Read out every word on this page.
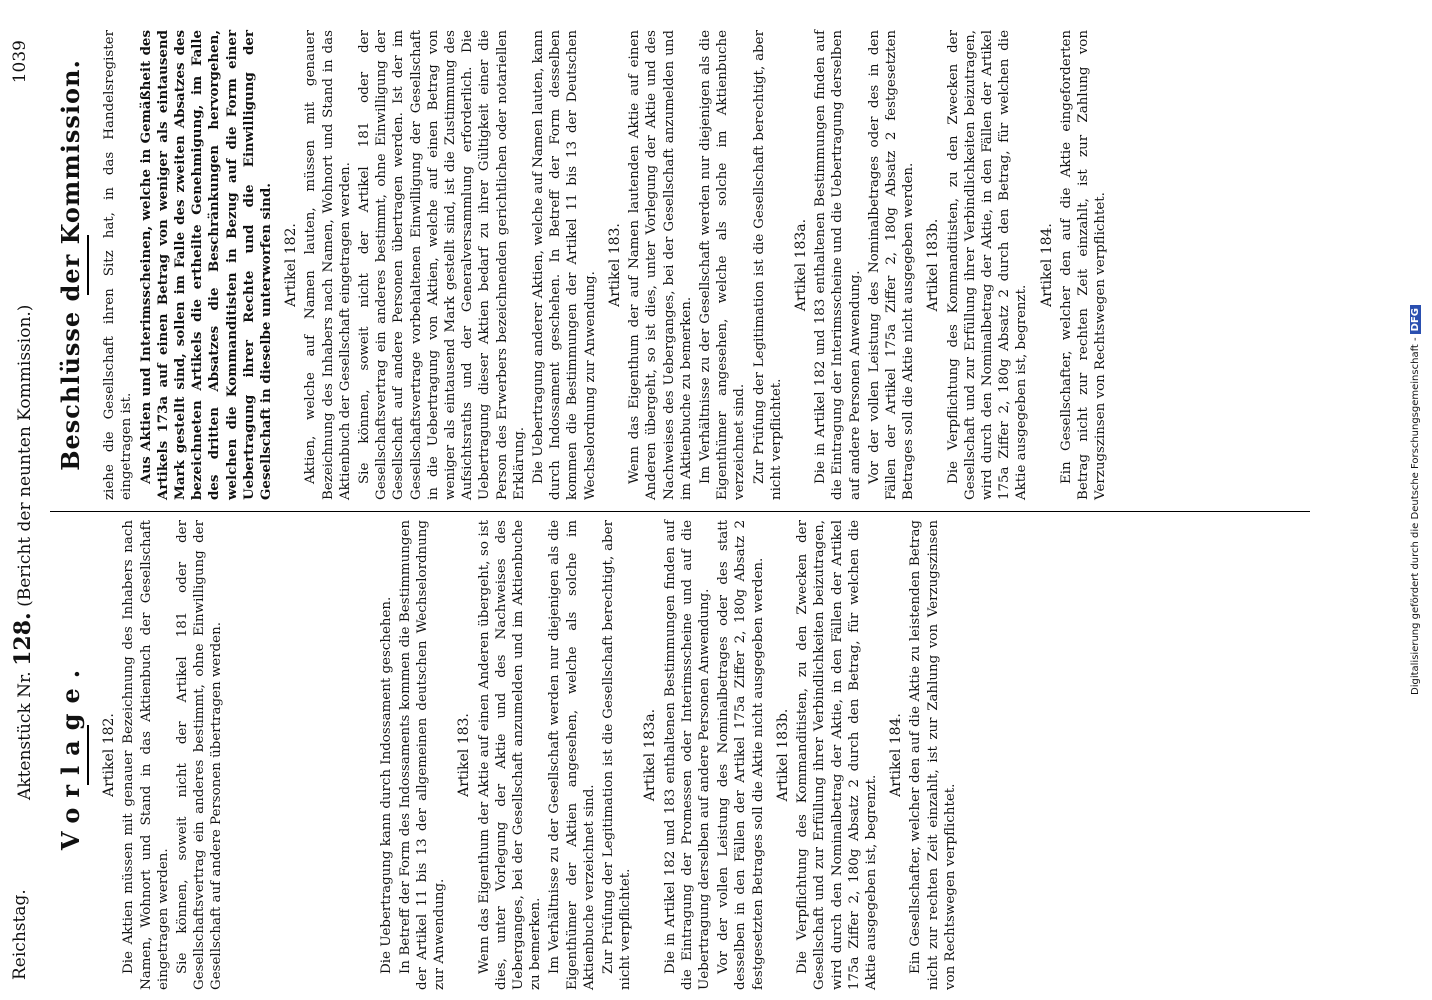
Reichstag.
Aktenstück Nr. 128. (Bericht der neunten Kommission.)
1039
Vorlage. Artikel 182. Die Aktien müssen mit genauer Bezeichnung des Inhabers nach Namen, Wohnort und Stand in das Aktienbuch der Gesellschaft eingetragen werden. Sie können, soweit nicht der Artikel 181 oder der Gesellschaftsvertrag ein anderes bestimmt, ohne Einwilligung der Gesellschaft auf andere Personen übertragen werden.	Die Uebertragung kann durch Indossament geschehen. In Betreff der Form des Indossaments kommen die Bestimmungen der Artikel 11 bis 13 der allgemeinen deutschen Wechselordnung zur Anwendung.

Artikel 183. Wenn das Eigenthum der Aktie auf einen Anderen übergeht, so ist dies, unter Vorlegung der Aktie und des Nachweises des Ueberganges, bei der Gesellschaft anzumelden und im Aktienbuche zu bemerken. Im Verhältnisse zu der Gesellschaft werden nur diejenigen als die Eigenthümer der Aktien angesehen, welche als solche im Aktienbuche verzeichnet sind. Zur Prüfung der Legitimation ist die Gesellschaft berechtigt, aber nicht verpflichtet.

Artikel 183a. Die in Artikel 182 und 183 enthaltenen Bestimmungen finden auf die Eintragung der Promessen oder Interimsscheine und auf die Uebertragung derselben auf andere Personen Anwendung. Vor der vollen Leistung des Nominalbetrages oder des statt desselben in den Fällen der Artikel 175a Ziffer 2, 180g Absatz 2 festgesetzten Betrages soll die Aktie nicht ausgegeben werden. Artikel 183b. Die Verpflichtung des Kommanditisten, zu den Zwecken der Gesellschaft und zur Erfüllung ihrer Verbindlichkeiten beizutragen, wird durch den Nominalbetrag der Aktie, in den Fällen der Artikel 175a Ziffer 2, 180g Absatz 2 durch den Betrag, für welchen die Aktie ausgegeben ist, begrenzt.

Artikel 184. Ein Gesellschafter, welcher den auf die Aktie zu leistenden Betrag nicht zur rechten Zeit einzahlt, ist zur Zahlung von Verzugszinsen von Rechtswegen verpflichtet.

Beschlüsse der Kommission. ziehe die Gesellschaft ihren Sitz hat, in das Handelsregister eingetragen ist. Aus Aktien und Interimsscheinen, welche in Gemäßheit des Artikels 173a auf einen Betrag von weniger als eintausend Mark gestellt sind, sollen im Falle des zweiten Absatzes des bezeichneten Artikels die ertheilte Genehmigung, im Falle des dritten Absatzes die Beschränkungen hervorgehen, welchen die Kommanditisten in Bezug auf die Form einer Uebertragung ihrer Rechte und die Einwilligung der Gesellschaft in dieselbe unterworfen sind. Artikel 182. Aktien, welche auf Namen lauten, müssen mit genauer Bezeichnung des Inhabers nach Namen, Wohnort und Stand in das Aktienbuch der Gesellschaft eingetragen werden. Sie können, soweit nicht der Artikel 181 oder der Gesellschaftsvertrag ein anderes bestimmt, ohne Einwilligung der Gesellschaft auf andere Personen übertragen werden. Ist der im Gesellschaftsvertrage vorbehaltenen Einwilligung der Gesellschaft in die Uebertragung von Aktien, welche auf einen Betrag von weniger als eintausend Mark gestellt sind, ist die Zustimmung des Aufsichtsraths und der Generalversammlung erforderlich. Die Uebertragung dieser Aktien bedarf zu ihrer Gültigkeit einer die Person des Erwerbers bezeichnenden gerichtlichen oder notariellen Erklärung. Die Uebertragung anderer Aktien, welche auf Namen lauten, kann durch Indossament geschehen. In Betreff der Form desselben kommen die Bestimmungen der Artikel 11 bis 13 der Deutschen Wechselordnung zur Anwendung.

Artikel 183. Wenn das Eigenthum der auf Namen lautenden Aktie auf einen Anderen übergeht, so ist dies, unter Vorlegung der Aktie und des Nachweises des Ueberganges, bei der Gesellschaft anzumelden und im Aktienbuche zu bemerken. Im Verhältnisse zu der Gesellschaft werden nur diejenigen als die Eigenthümer angesehen, welche als solche im Aktienbuche verzeichnet sind. Zur Prüfung der Legitimation ist die Gesellschaft berechtigt, aber nicht verpflichtet.

Artikel 183a. Die in Artikel 182 und 183 enthaltenen Bestimmungen finden auf die Eintragung der Interimsscheine und die Uebertragung derselben auf andere Personen Anwendung. Vor der vollen Leistung des Nominalbetrages oder des in den Fällen der Artikel 175a Ziffer 2, 180g Absatz 2 festgesetzten Betrages soll die Aktie nicht ausgegeben werden. Artikel 183b. Die Verpflichtung des Kommanditisten, zu den Zwecken der Gesellschaft und zur Erfüllung ihrer Verbindlichkeiten beizutragen, wird durch den Nominalbetrag der Aktie, in den Fällen der Artikel 175a Ziffer 2, 180g Absatz 2 durch den Betrag, für welchen die Aktie ausgegeben ist, begrenzt.

Artikel 184. Ein Gesellschafter, welcher den auf die Aktie eingeforderten Betrag nicht zur rechten Zeit einzahlt, ist zur Zahlung von Verzugszinsen von Rechtswegen verpflichtet.	Digitalisierung gefördert durch die Deutsche Forschungsgemeinschaft -DFG
